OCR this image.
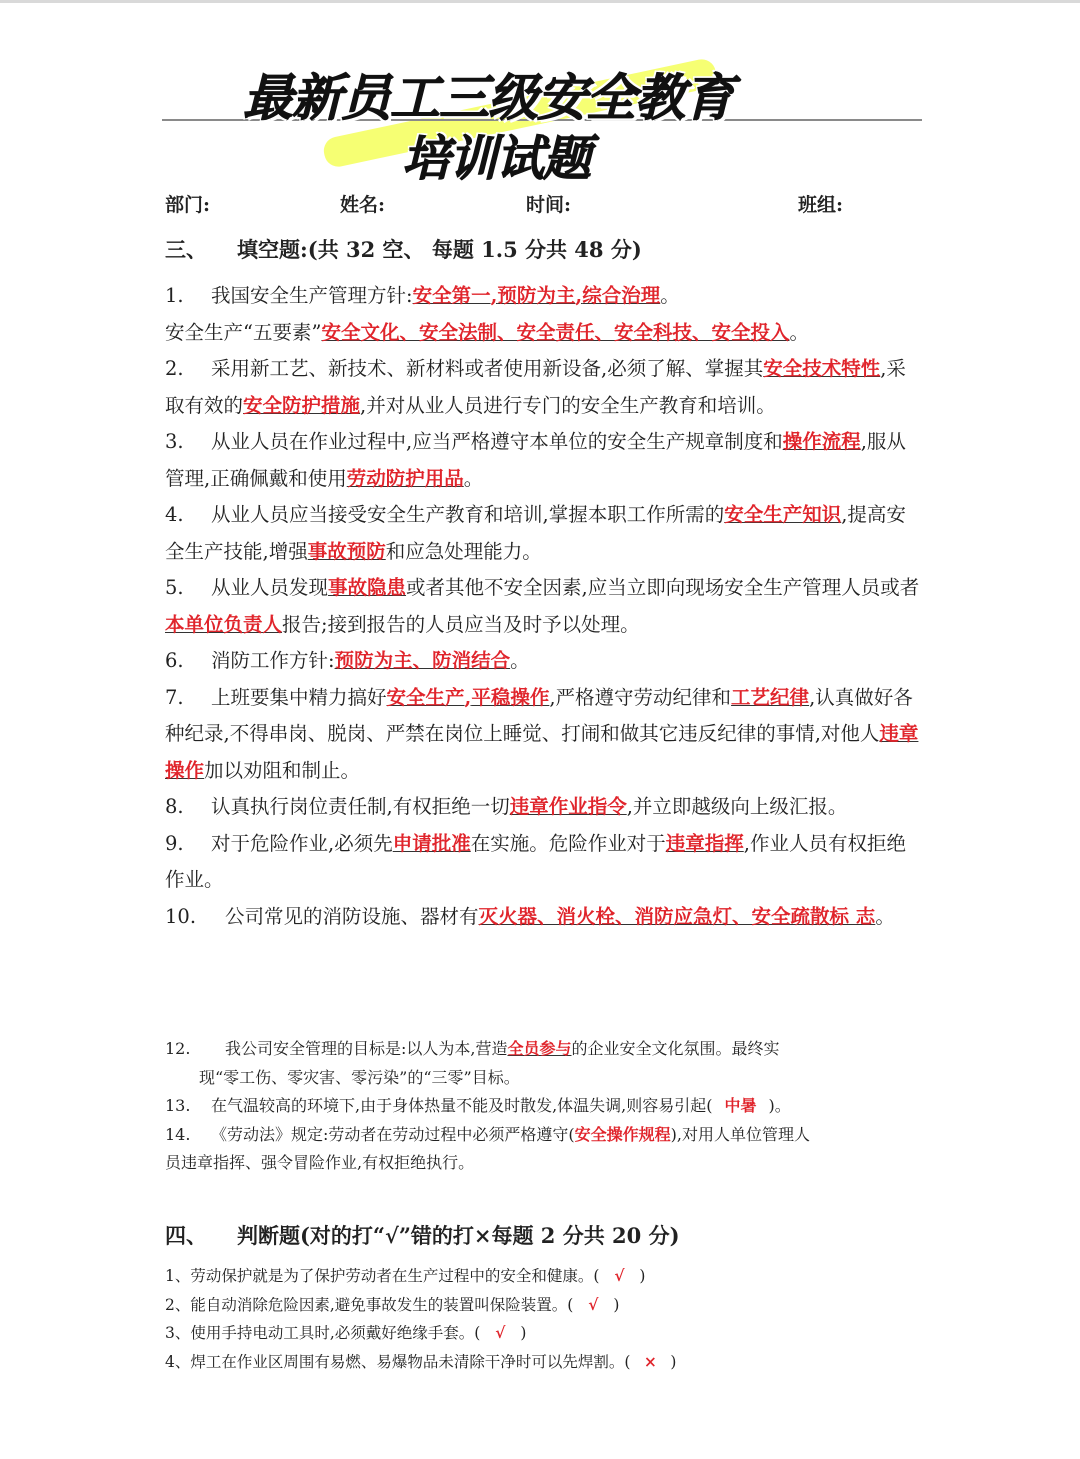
最新员工三级安全教育
培训试题
部门:	姓名:	时间:	班组:
三、 填空题:(共 32 空、 每题 1.5 分共 48 分)

1. 我国安全生产管理方针:安全第一,预防为主,综合治理。

安全生产“五要素”安全文化、安全法制、安全责任、安全科技、安全投入。

2. 采用新工艺、新技术、新材料或者使用新设备,必须了解、掌握其安全技术特性,采取有效的安全防护措施,并对从业人员进行专门的安全生产教育和培训。

3. 从业人员在作业过程中,应当严格遵守本单位的安全生产规章制度和操作流程,服从管理,正确佩戴和使用劳动防护用品。

4. 从业人员应当接受安全生产教育和培训,掌握本职工作所需的安全生产知识,提高安全生产技能,增强事故预防和应急处理能力。

5. 从业人员发现事故隐患或者其他不安全因素,应当立即向现场安全生产管理人员或者本单位负责人报告;接到报告的人员应当及时予以处理。

6. 消防工作方针:预防为主、防消结合。

7. 上班要集中精力搞好安全生产,平稳操作,严格遵守劳动纪律和工艺纪律,认真做好各种纪录,不得串岗、脱岗、严禁在岗位上睡觉、打闹和做其它违反纪律的事情,对他人违章操作加以劝阻和制止。

8. 认真执行岗位责任制,有权拒绝一切违章作业指令,并立即越级向上级汇报。

9. 对于危险作业,必须先申请批准在实施。危险作业对于违章指挥,作业人员有权拒绝作业。

10. 公司常见的消防设施、器材有灭火器、消火栓、消防应急灯、安全疏散标 志。

12. 我公司安全管理的目标是:以人为本,营造全员参与的企业安全文化氛围。最终实

现“零工伤、零灾害、零污染”的“三零”目标。

13. 在气温较高的环境下,由于身体热量不能及时散发,体温失调,则容易引起( 中暑 )。

14. 《劳动法》规定:劳动者在劳动过程中必须严格遵守(安全操作规程),对用人单位管理人

员违章指挥、强令冒险作业,有权拒绝执行。

四、 判断题(对的打“√”错的打×每题 2 分共 20 分)

1、劳动保护就是为了保护劳动者在生产过程中的安全和健康。( √ )

2、能自动消除危险因素,避免事故发生的装置叫保险装置。( √ )

3、使用手持电动工具时,必须戴好绝缘手套。( √ )

4、焊工在作业区周围有易燃、易爆物品未清除干净时可以先焊割。( × )
